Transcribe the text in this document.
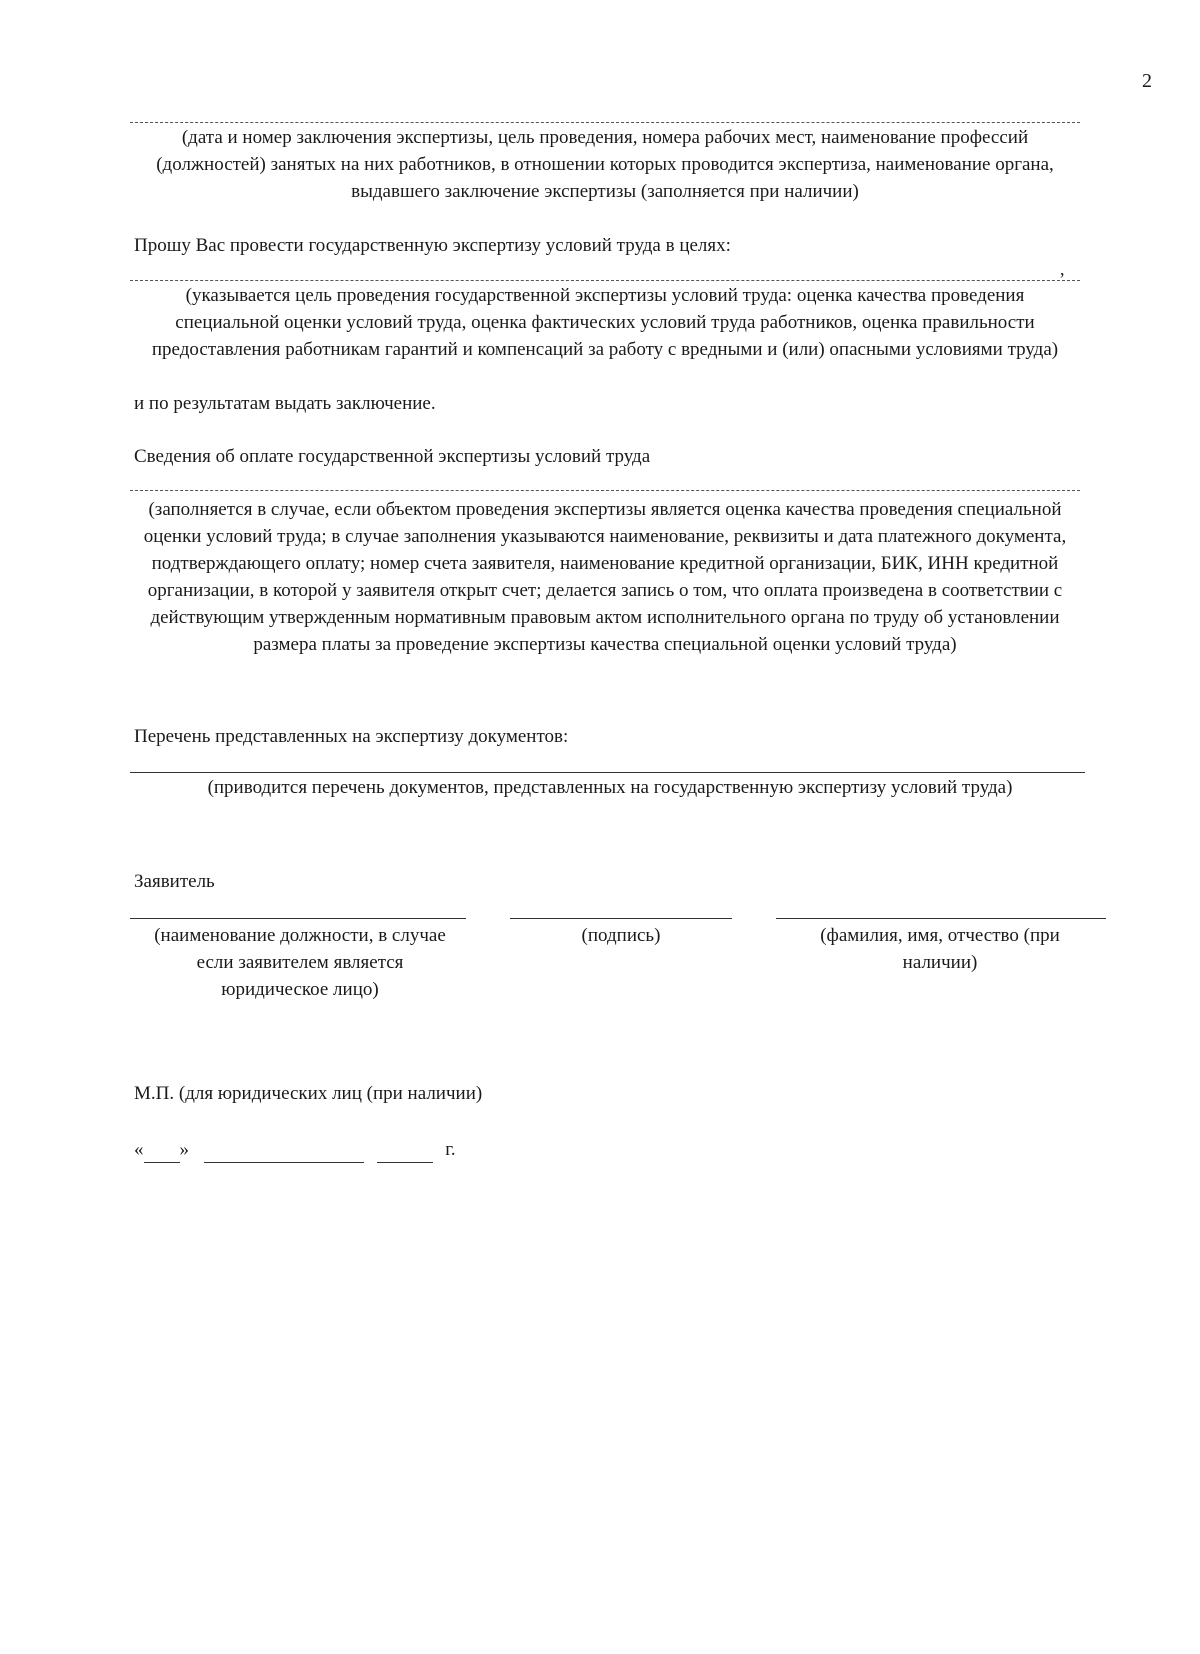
2
(дата и номер заключения экспертизы, цель проведения, номера рабочих мест, наименование профессий (должностей) занятых на них работников, в отношении которых проводится экспертиза, наименование органа, выдавшего заключение экспертизы (заполняется при наличии)
Прошу Вас провести государственную экспертизу условий труда в целях:
,
(указывается цель проведения государственной экспертизы условий труда: оценка качества проведения специальной оценки условий труда, оценка фактических условий труда работников, оценка правильности предоставления работникам гарантий и компенсаций за работу с вредными и (или) опасными условиями труда)
и по результатам выдать заключение.
Сведения об оплате государственной экспертизы условий труда
(заполняется в случае, если объектом проведения экспертизы является оценка качества проведения специальной оценки условий труда; в случае заполнения указываются наименование, реквизиты и дата платежного документа, подтверждающего оплату; номер счета заявителя, наименование кредитной организации, БИК, ИНН кредитной организации, в которой у заявителя открыт счет; делается запись о том, что оплата произведена в соответствии с действующим утвержденным нормативным правовым актом исполнительного органа по труду об установлении размера платы за проведение экспертизы качества специальной оценки условий труда)
Перечень представленных на экспертизу документов:
(приводится перечень документов, представленных на государственную экспертизу условий труда)
Заявитель
(наименование должности, в случае если заявителем является юридическое лицо)
(подпись)	(фамилия, имя, отчество (при наличии)
М.П. (для юридических лиц (при наличии)
« »	г.
